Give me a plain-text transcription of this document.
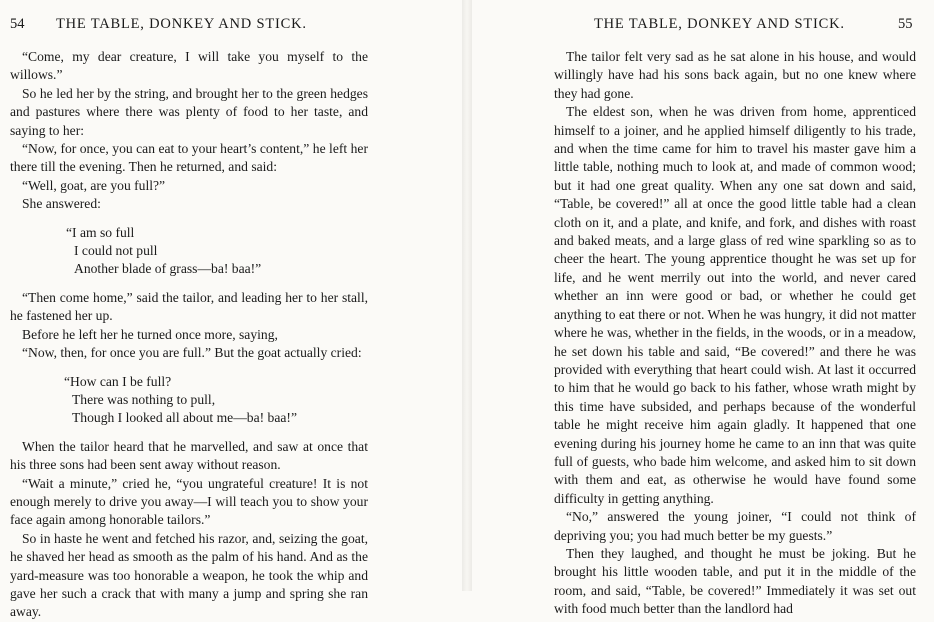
54 THE TABLE, DONKEY AND STICK.

“Come, my dear creature, I will take you myself to the willows.”

So he led her by the string, and brought her to the green hedges and pastures where there was plenty of food to her taste, and saying to her:

“Now, for once, you can eat to your heart’s content,” he left her there till the evening. Then he returned, and said:

“Well, goat, are you full?”

She answered:

“I am so full
I could not pull
Another blade of grass—ba! baa!”

“Then come home,” said the tailor, and leading her to her stall, he fastened her up.

Before he left her he turned once more, saying,

“Now, then, for once you are full.” But the goat actually cried:

“How can I be full?
There was nothing to pull,
Though I looked all about me—ba! baa!”

When the tailor heard that he marvelled, and saw at once that his three sons had been sent away without reason.

“Wait a minute,” cried he, “you ungrateful creature! It is not enough merely to drive you away—I will teach you to show your face again among honorable tailors.”

So in haste he went and fetched his razor, and, seizing the goat, he shaved her head as smooth as the palm of his hand. And as the yard-measure was too honorable a weapon, he took the whip and gave her such a crack that with many a jump and spring she ran away.

THE TABLE, DONKEY AND STICK.	55

The tailor felt very sad as he sat alone in his house, and would willingly have had his sons back again, but no one knew where they had gone.

The eldest son, when he was driven from home, apprenticed himself to a joiner, and he applied himself diligently to his trade, and when the time came for him to travel his master gave him a little table, nothing much to look at, and made of common wood; but it had one great quality. When any one sat down and said, “Table, be covered!” all at once the good little table had a clean cloth on it, and a plate, and knife, and fork, and dishes with roast and baked meats, and a large glass of red wine sparkling so as to cheer the heart. The young apprentice thought he was set up for life, and he went merrily out into the world, and never cared whether an inn were good or bad, or whether he could get anything to eat there or not. When he was hungry, it did not matter where he was, whether in the fields, in the woods, or in a meadow, he set down his table and said, “Be covered!” and there he was provided with everything that heart could wish. At last it occurred to him that he would go back to his father, whose wrath might by this time have subsided, and perhaps because of the wonderful table he might receive him again gladly. It happened that one evening during his journey home he came to an inn that was quite full of guests, who bade him welcome, and asked him to sit down with them and eat, as otherwise he would have found some difficulty in getting anything.

“No,” answered the young joiner, “I could not think of depriving you; you had much better be my guests.”

Then they laughed, and thought he must be joking. But he brought his little wooden table, and put it in the middle of the room, and said, “Table, be covered!” Immediately it was set out with food much better than the landlord had
